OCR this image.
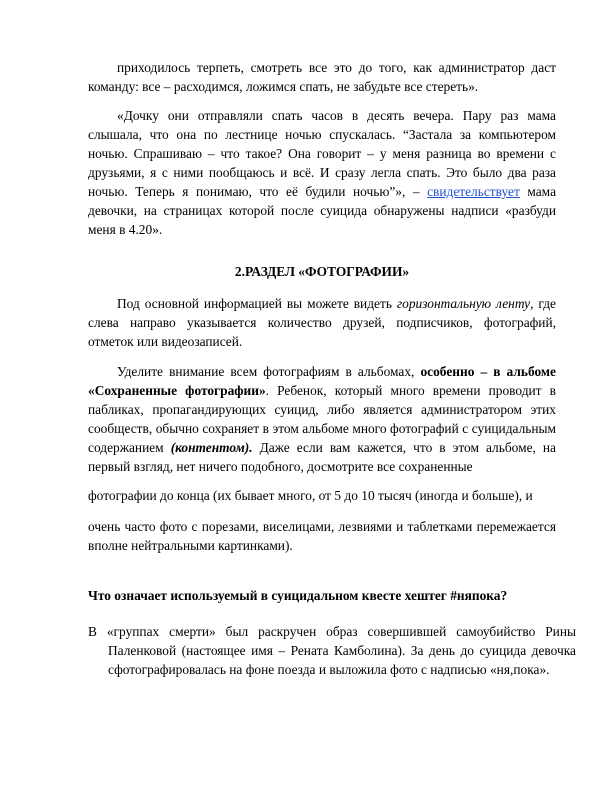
приходилось терпеть, смотреть все это до того, как администратор даст команду: все – расходимся, ложимся спать, не забудьте все стереть».

«Дочку они отправляли спать часов в десять вечера. Пару раз мама слышала, что она по лестнице ночью спускалась. “Застала за компьютером ночью. Спрашиваю – что такое? Она говорит – у меня разница во времени с друзьями, я с ними пообщаюсь и всё. И сразу легла спать. Это было два раза ночью. Теперь я понимаю, что её будили ночью”», – свидетельствует мама девочки, на страницах которой после суицида обнаружены надписи «разбуди меня в 4.20».

2.РАЗДЕЛ «ФОТОГРАФИИ»

Под основной информацией вы можете видеть горизонтальную ленту, где слева направо указывается количество друзей, подписчиков, фотографий, отметок или видеозаписей.

Уделите внимание всем фотографиям в альбомах, особенно – в альбоме «Сохраненные фотографии». Ребенок, который много времени проводит в пабликах, пропагандирующих суицид, либо является администратором этих сообществ, обычно сохраняет в этом альбоме много фотографий с суицидальным содержанием (контентом). Даже если вам кажется, что в этом альбоме, на первый взгляд, нет ничего подобного, досмотрите все сохраненные

фотографии до конца (их бывает много, от 5 до 10 тысяч (иногда и больше), и

очень часто фото с порезами, виселицами, лезвиями и таблетками перемежается вполне нейтральными картинками).

Что означает используемый в суицидальном квесте хештег #няпока?

В «группах смерти» был раскручен образ совершившей самоубийство Рины Паленковой (настоящее имя – Рената Камболина). За день до суицида девочка сфотографировалась на фоне поезда и выложила фото с надписью «ня,пока».
